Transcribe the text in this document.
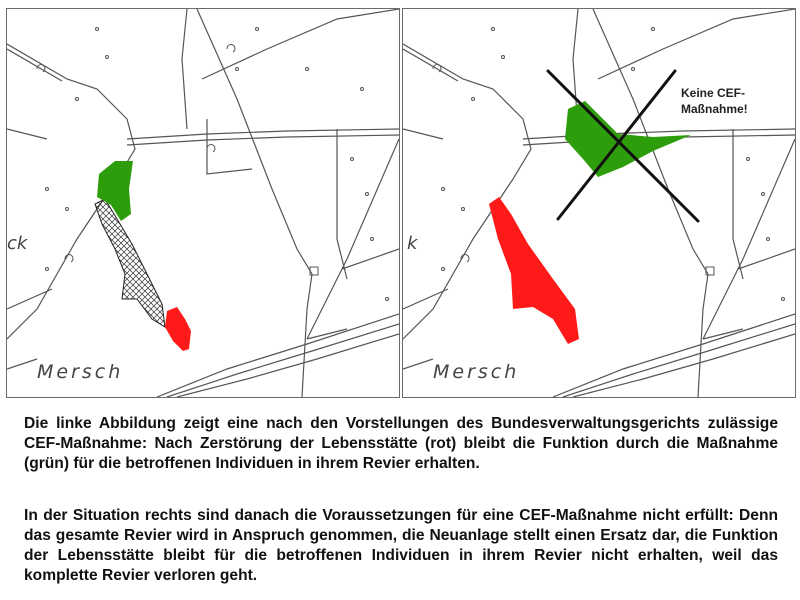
ck
Mersch
Keine CEF-
Maßnahme!
k
Mersch

Die linke Abbildung zeigt eine nach den Vorstellungen des Bundesverwaltungsgerichts zulässige CEF-Maßnahme: Nach Zerstörung der Lebensstätte (rot) bleibt die Funktion durch die Maßnahme (grün) für die betroffenen Individuen in ihrem Revier erhalten.

In der Situation rechts sind danach die Voraussetzungen für eine CEF-Maßnahme nicht erfüllt: Denn das gesamte Revier wird in Anspruch genommen, die Neuanlage stellt einen Ersatz dar, die Funktion der Lebensstätte bleibt für die betroffenen Individuen in ihrem Revier nicht erhalten, weil das komplette Revier verloren geht.
